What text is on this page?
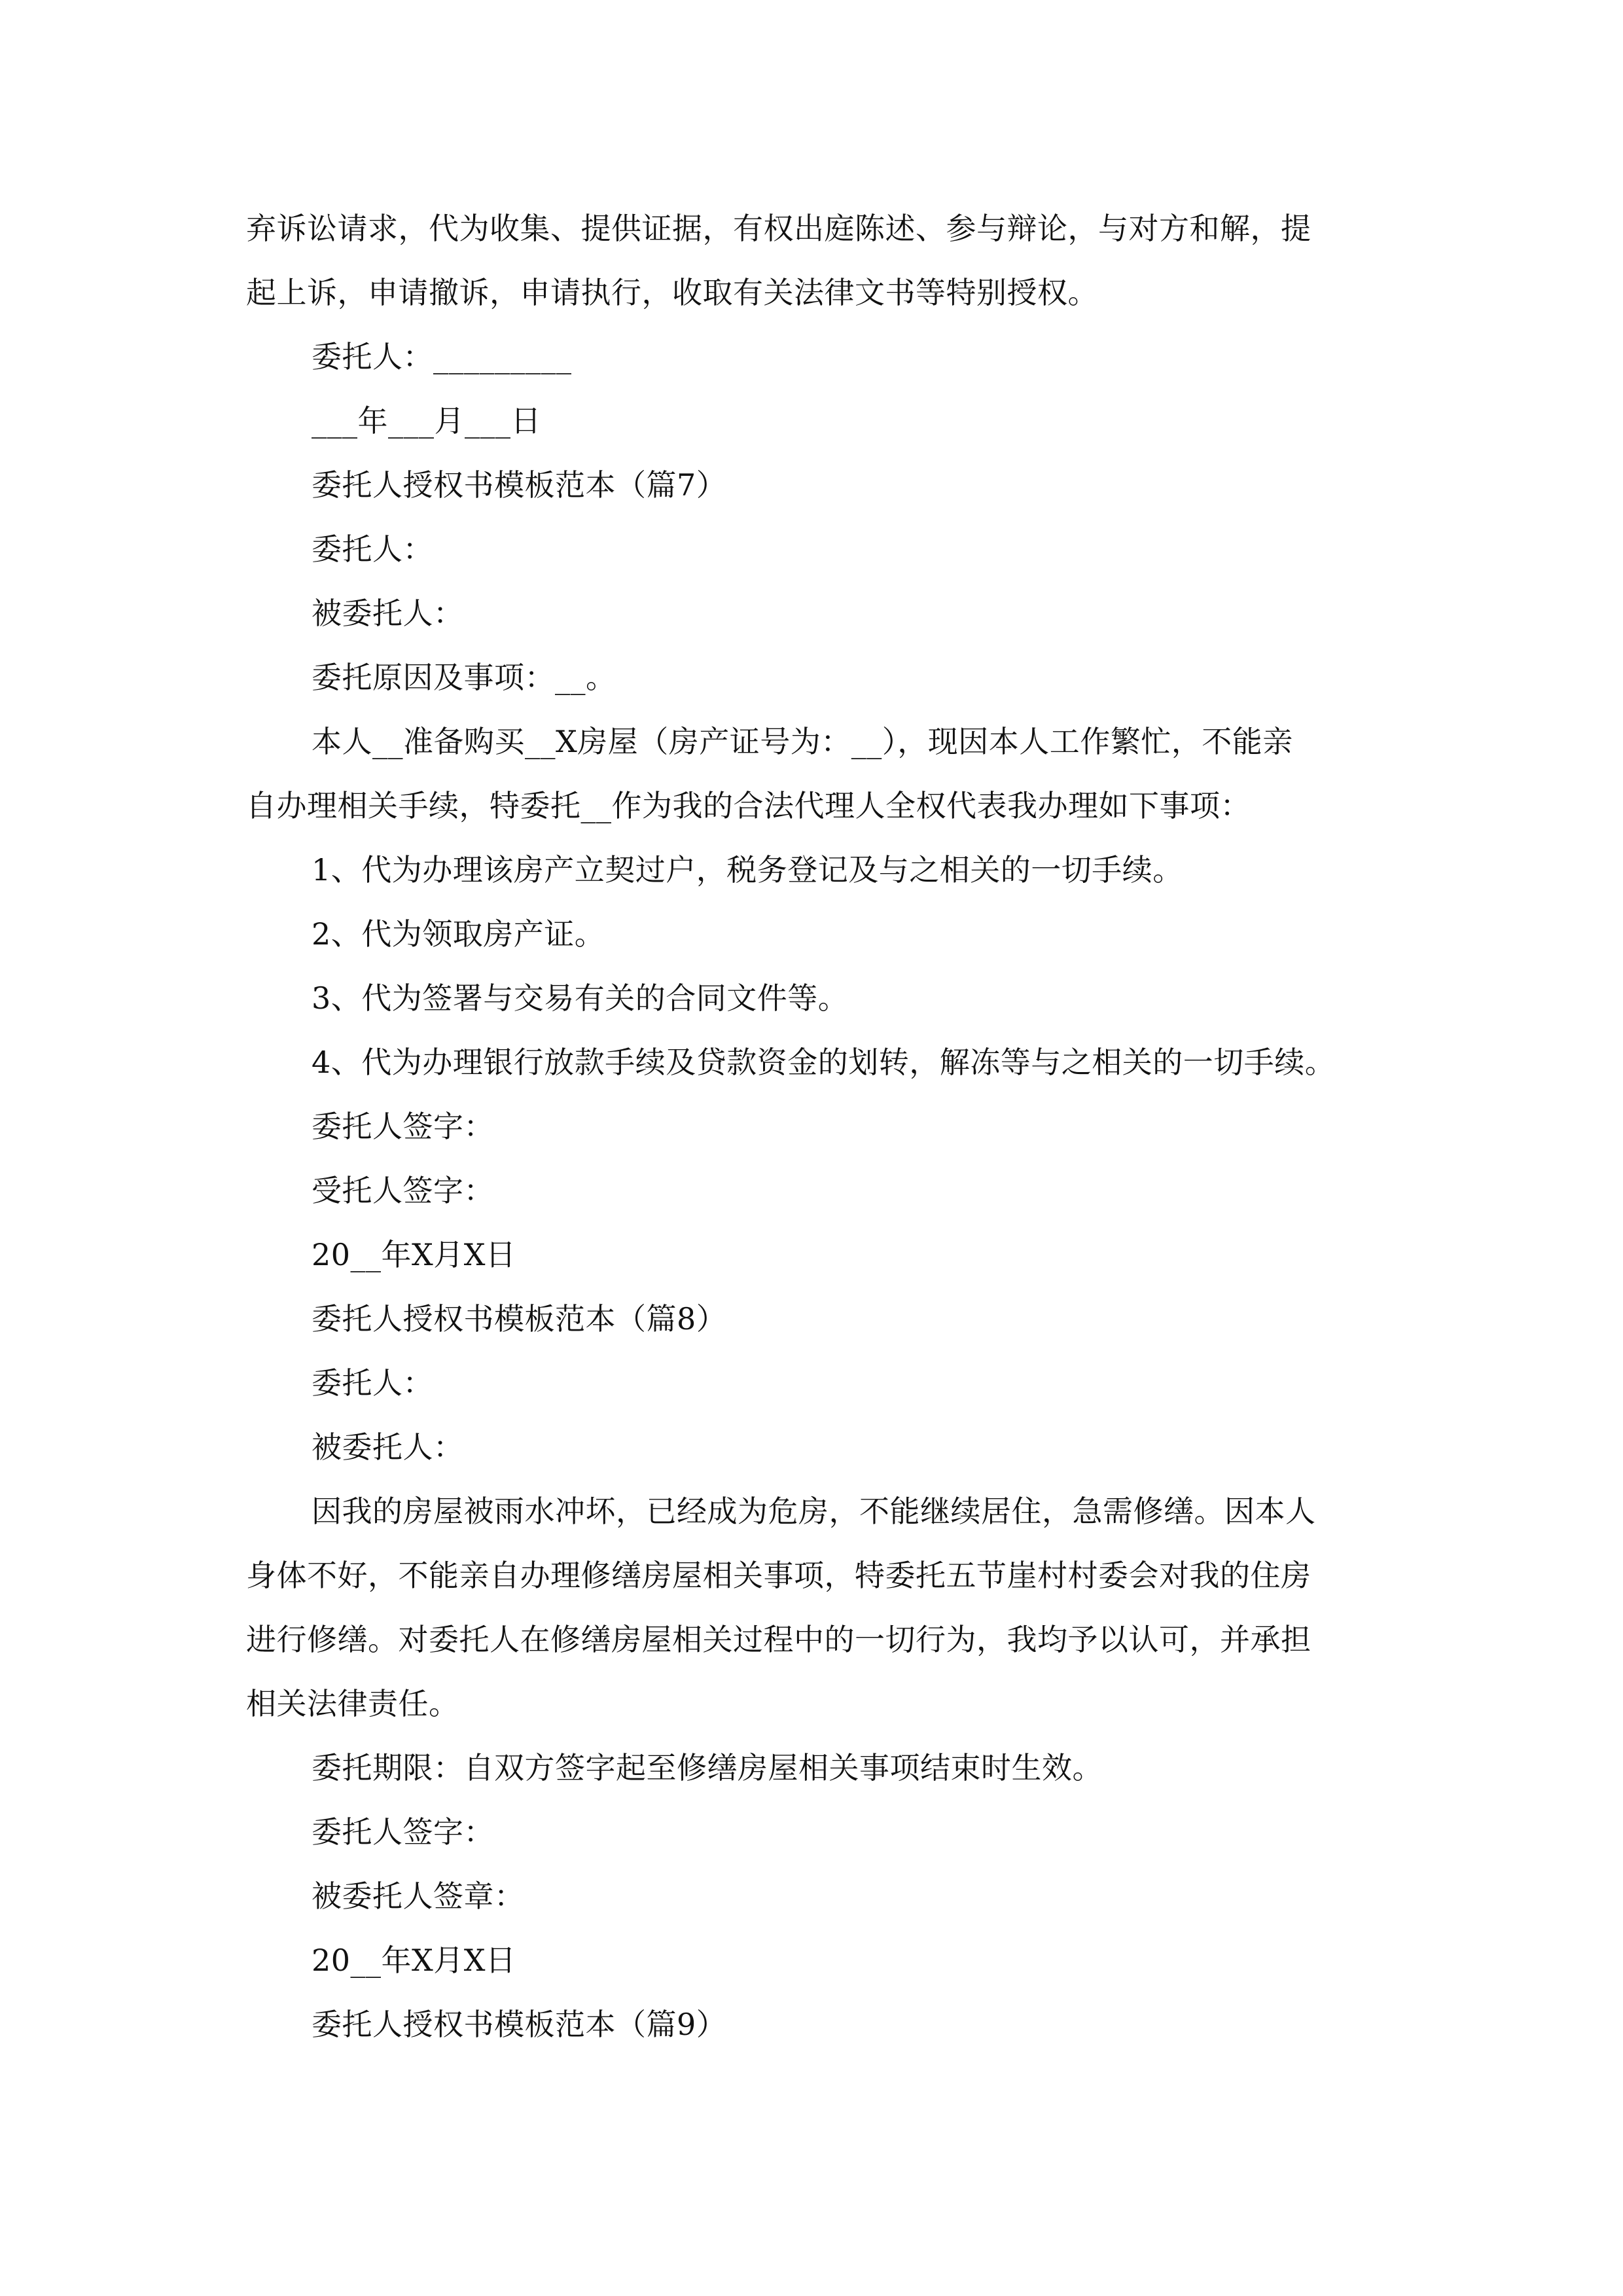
弃诉讼请求，代为收集、提供证据，有权出庭陈述、参与辩论，与对方和解，提
起上诉，申请撤诉，申请执行，收取有关法律文书等特别授权。
委托人：_________
___年___月___日
委托人授权书模板范本（篇7）
委托人：
被委托人：
委托原因及事项：__。
本人__准备购买__X房屋（房产证号为：__），现因本人工作繁忙，不能亲
自办理相关手续，特委托__作为我的合法代理人全权代表我办理如下事项：
1、代为办理该房产立契过户，税务登记及与之相关的一切手续。
2、代为领取房产证。
3、代为签署与交易有关的合同文件等。
4、代为办理银行放款手续及贷款资金的划转，解冻等与之相关的一切手续。
委托人签字：
受托人签字：
20__年X月X日
委托人授权书模板范本（篇8）
委托人：
被委托人：
因我的房屋被雨水冲坏，已经成为危房，不能继续居住，急需修缮。因本人
身体不好，不能亲自办理修缮房屋相关事项，特委托五节崖村村委会对我的住房
进行修缮。对委托人在修缮房屋相关过程中的一切行为，我均予以认可，并承担
相关法律责任。
委托期限：自双方签字起至修缮房屋相关事项结束时生效。
委托人签字：
被委托人签章：
20__年X月X日
委托人授权书模板范本（篇9）
